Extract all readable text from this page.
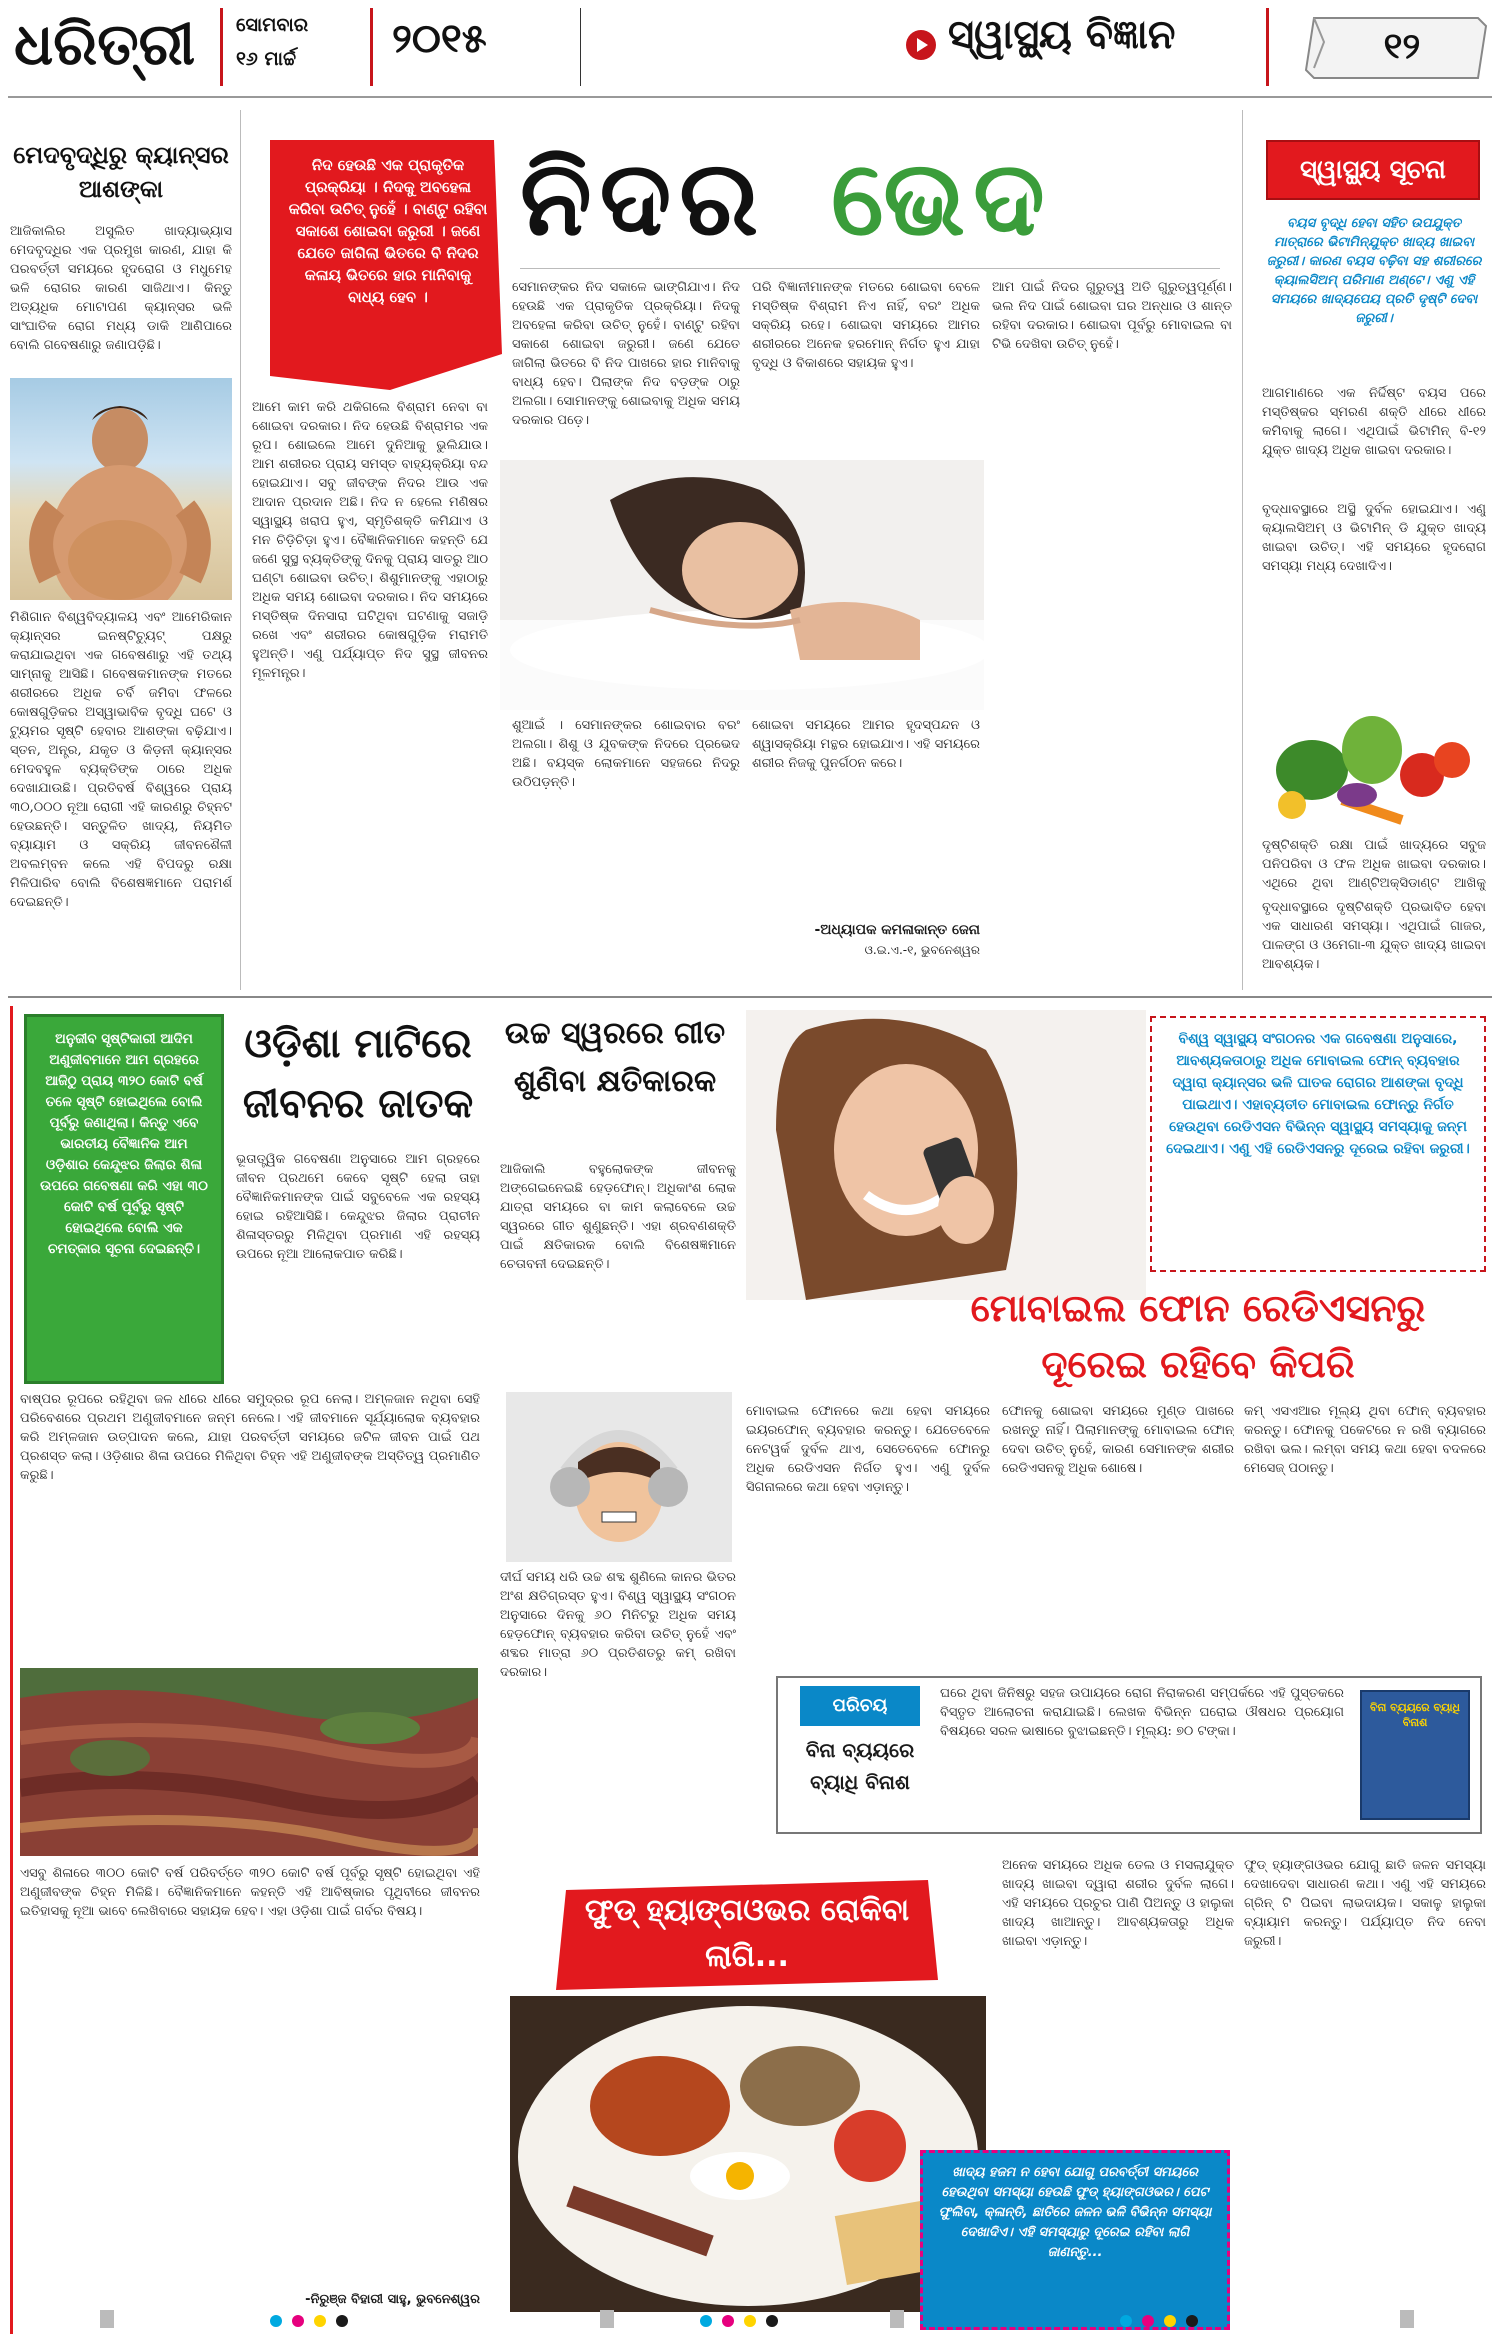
ଧରିତ୍ରୀ	ସୋମବାର
୧୬ ମାର୍ଚ୍ଚ	୨୦୧୫	ସ୍ୱାସ୍ଥ୍ୟ ବିଜ୍ଞାନ	୧୨
ମେଦବୃଦ୍ଧିରୁ କ୍ୟାନ୍ସର ଆଶଙ୍କା
ଆଜିକାଲିର ଅସୁଲିତ ଖାଦ୍ୟାଭ୍ୟାସ ମେଦବୃଦ୍ଧିର ଏକ ପ୍ରମୁଖ କାରଣ, ଯାହା କି ପରବର୍ତ୍ତୀ ସମୟରେ ହୃଦରୋଗ ଓ ମଧୁମେହ ଭଳି ରୋଗର କାରଣ ସାଜିଥାଏ। କିନ୍ତୁ ଅତ୍ୟଧିକ ମୋଟାପଣ କ୍ୟାନ୍ସର ଭଳି ସାଂଘାତିକ ରୋଗ ମଧ୍ୟ ଡାକି ଆଣିପାରେ ବୋଲି ଗବେଷଣାରୁ ଜଣାପଡ଼ିଛି।
ମିଶିଗାନ ବିଶ୍ୱବିଦ୍ୟାଳୟ ଏବଂ ଆମେରିକାନ କ୍ୟାନ୍ସର ଇନଷ୍ଟିଚ୍ୟୁଟ୍ ପକ୍ଷରୁ କରାଯାଇଥିବା ଏକ ଗବେଷଣାରୁ ଏହି ତଥ୍ୟ ସାମ୍ନାକୁ ଆସିଛି। ଗବେଷକମାନଙ୍କ ମତରେ ଶରୀରରେ ଅଧିକ ଚର୍ବି ଜମିବା ଫଳରେ କୋଷଗୁଡ଼ିକର ଅସ୍ୱାଭାବିକ ବୃଦ୍ଧି ଘଟେ ଓ ଟ୍ୟୁମର ସୃଷ୍ଟି ହେବାର ଆଶଙ୍କା ବଢ଼ିଯାଏ। ସ୍ତନ, ଅନ୍ତ୍ର, ଯକୃତ ଓ କିଡ଼ନୀ କ୍ୟାନ୍ସର ମେଦବହୁଳ ବ୍ୟକ୍ତିଙ୍କ ଠାରେ ଅଧିକ ଦେଖାଯାଉଛି। ପ୍ରତିବର୍ଷ ବିଶ୍ୱରେ ପ୍ରାୟ ୩୦,୦୦୦ ନୂଆ ରୋଗୀ ଏହି କାରଣରୁ ଚିହ୍ନଟ ହେଉଛନ୍ତି। ସନ୍ତୁଳିତ ଖାଦ୍ୟ, ନିୟମିତ ବ୍ୟାୟାମ ଓ ସକ୍ରିୟ ଜୀବନଶୈଳୀ ଅବଲମ୍ବନ କଲେ ଏହି ବିପଦରୁ ରକ୍ଷା ମିଳିପାରିବ ବୋଲି ବିଶେଷଜ୍ଞମାନେ ପରାମର୍ଶ ଦେଇଛନ୍ତି।
ନିଦ ହେଉଛି ଏକ ପ୍ରାକୃତିକ ପ୍ରକ୍ରିୟା । ନିଦକୁ ଅବହେଳା କରିବା ଉଚିତ୍ ନୁହେଁ । ବାଣ୍ଟୁ ରହିବା ସକାଶେ ଶୋଇବା ଜରୁରୀ । ଜଣେ ଯେତେ ଜାଗିଲା ଭିତରେ ବି ନିଦର କଳାୟ ଭିତରେ ହାର ମାନିବାକୁ ବାଧ୍ୟ ହେବ ।
ନିଦର ଭେଦ
ସେମାନଙ୍କର ନିଦ ସକାଳେ ଭାଙ୍ଗିଯାଏ। ନିଦ ହେଉଛି ଏକ ପ୍ରାକୃତିକ ପ୍ରକ୍ରିୟା। ନିଦକୁ ଅବହେଳା କରିବା ଉଚିତ୍ ନୁହେଁ। ବାଣ୍ଟୁ ରହିବା ସକାଶେ ଶୋଇବା ଜରୁରୀ। ଜଣେ ଯେତେ ଜାଗିଲା ଭିତରେ ବି ନିଦ ପାଖରେ ହାର ମାନିବାକୁ ବାଧ୍ୟ ହେବ। ପିଲାଙ୍କ ନିଦ ବଡ଼ଙ୍କ ଠାରୁ ଅଲଗା। ସୋମାନଙ୍କୁ ଶୋଇବାକୁ ଅଧିକ ସମୟ ଦରକାର ପଡ଼େ।
ପରି ବିଜ୍ଞାନୀମାନଙ୍କ ମତରେ ଶୋଇବା ବେଳେ ମସ୍ତିଷ୍କ ବିଶ୍ରାମ ନିଏ ନାହିଁ, ବରଂ ଅଧିକ ସକ୍ରିୟ ରହେ। ଶୋଇବା ସମୟରେ ଆମର ଶରୀରରେ ଅନେକ ହରମୋନ୍ ନିର୍ଗତ ହୁଏ ଯାହା ବୃଦ୍ଧି ଓ ବିକାଶରେ ସହାୟକ ହୁଏ।
ଆମ ପାଇଁ ନିଦର ଗୁରୁତ୍ୱ ଅତି ଗୁରୁତ୍ୱପୂର୍ଣ୍ଣ। ଭଲ ନିଦ ପାଇଁ ଶୋଇବା ଘର ଅନ୍ଧାର ଓ ଶାନ୍ତ ରହିବା ଦରକାର। ଶୋଇବା ପୂର୍ବରୁ ମୋବାଇଲ ବା ଟିଭି ଦେଖିବା ଉଚିତ୍ ନୁହେଁ।
ଆମେ କାମ କରି ଥକିଗଲେ ବିଶ୍ରାମ ନେବା ବା ଶୋଇବା ଦରକାର। ନିଦ ହେଉଛି ବିଶ୍ରାମର ଏକ ରୂପ। ଶୋଇଲେ ଆମେ ଦୁନିଆକୁ ଭୁଲିଯାଉ। ଆମ ଶରୀରର ପ୍ରାୟ ସମସ୍ତ ବାହ୍ୟକ୍ରିୟା ବନ୍ଦ ହୋଇଯାଏ। ସବୁ ଜୀବଙ୍କ ନିଦର ଆଉ ଏକ ଆଦାନ ପ୍ରଦାନ ଅଛି। ନିଦ ନ ହେଲେ ମଣିଷର ସ୍ୱାସ୍ଥ୍ୟ ଖରାପ ହୁଏ, ସ୍ମୃତିଶକ୍ତି କମିଯାଏ ଓ ମନ ଚିଡ଼ିଚିଡ଼ା ହୁଏ। ବୈଜ୍ଞାନିକମାନେ କହନ୍ତି ଯେ ଜଣେ ସୁସ୍ଥ ବ୍ୟକ୍ତିଙ୍କୁ ଦିନକୁ ପ୍ରାୟ ସାତରୁ ଆଠ ଘଣ୍ଟା ଶୋଇବା ଉଚିତ୍। ଶିଶୁମାନଙ୍କୁ ଏହାଠାରୁ ଅଧିକ ସମୟ ଶୋଇବା ଦରକାର। ନିଦ ସମୟରେ ମସ୍ତିଷ୍କ ଦିନସାରା ଘଟିଥିବା ଘଟଣାକୁ ସଜାଡ଼ି ରଖେ ଏବଂ ଶରୀରର କୋଷଗୁଡ଼ିକ ମରାମତି ହୁଅନ୍ତି। ଏଣୁ ପର୍ଯ୍ୟାପ୍ତ ନିଦ ସୁସ୍ଥ ଜୀବନର ମୂଳମନ୍ତ୍ର।
ଶୁଆଇଁ । ସେମାନଙ୍କର ଶୋଇବାର ବରଂ ଅଲଗା। ଶିଶୁ ଓ ଯୁବକଙ୍କ ନିଦରେ ପ୍ରଭେଦ ଅଛି। ବୟସ୍କ ଲୋକମାନେ ସହଜରେ ନିଦରୁ ଉଠିପଡ଼ନ୍ତି।
ଶୋଇବା ସମୟରେ ଆମର ହୃଦସ୍ପନ୍ଦନ ଓ ଶ୍ୱାସକ୍ରିୟା ମନ୍ଥର ହୋଇଯାଏ। ଏହି ସମୟରେ ଶରୀର ନିଜକୁ ପୁନର୍ଗଠନ କରେ।
-ଅଧ୍ୟାପକ କମଳାକାନ୍ତ ଜେନା
ଓ.ଇ.ଏ.-୧, ଭୁବନେଶ୍ୱର
ସ୍ୱାସ୍ଥ୍ୟ ସୂଚନା
ବୟସ ବୃଦ୍ଧି ହେବା ସହିତ ଉପଯୁକ୍ତ ମାତ୍ରାରେ ଭିଟାମିନ୍‌ଯୁକ୍ତ ଖାଦ୍ୟ ଖାଇବା ଜରୁରୀ। କାରଣ ବୟସ ବଢ଼ିବା ସହ ଶରୀରରେ କ୍ୟାଲସିଅମ୍ ପରିମାଣ ଅଣ୍ଟେ। ଏଣୁ ଏହି ସମୟରେ ଖାଦ୍ୟପେୟ ପ୍ରତି ଦୃଷ୍ଟି ଦେବା ଜରୁରୀ।
ଆଗମାଣରେ ଏକ ନିର୍ଦ୍ଦିଷ୍ଟ ବୟସ ପରେ ମସ୍ତିଷ୍କର ସ୍ମରଣ ଶକ୍ତି ଧୀରେ ଧୀରେ କମିବାକୁ ଲାଗେ। ଏଥିପାଇଁ ଭିଟାମିନ୍ ବି-୧୨ ଯୁକ୍ତ ଖାଦ୍ୟ ଅଧିକ ଖାଇବା ଦରକାର।
ବୃଦ୍ଧାବସ୍ଥାରେ ଅସ୍ଥି ଦୁର୍ବଳ ହୋଇଯାଏ। ଏଣୁ କ୍ୟାଲସିଅମ୍ ଓ ଭିଟାମିନ୍ ଡି ଯୁକ୍ତ ଖାଦ୍ୟ ଖାଇବା ଉଚିତ୍। ଏହି ସମୟରେ ହୃଦରୋଗ ସମସ୍ୟା ମଧ୍ୟ ଦେଖାଦିଏ।
ଦୃଷ୍ଟିଶକ୍ତି ରକ୍ଷା ପାଇଁ ଖାଦ୍ୟରେ ସବୁଜ ପନିପରିବା ଓ ଫଳ ଅଧିକ ଖାଇବା ଦରକାର। ଏଥିରେ ଥିବା ଆଣ୍ଟିଅକ୍ସିଡାଣ୍ଟ ଆଖିକୁ
ବୃଦ୍ଧାବସ୍ଥାରେ ଦୃଷ୍ଟିଶକ୍ତି ପ୍ରଭାବିତ ହେବା ଏକ ସାଧାରଣ ସମସ୍ୟା। ଏଥିପାଇଁ ଗାଜର, ପାଳଙ୍ଗ ଓ ଓମେଗା-୩ ଯୁକ୍ତ ଖାଦ୍ୟ ଖାଇବା ଆବଶ୍ୟକ।
ଅନୁଜୀବ ସୃଷ୍ଟିକାରୀ ଆଦିମ ଅଣୁଜୀବମାନେ ଆମ ଗ୍ରହରେ ଆଜିଠୁ ପ୍ରାୟ ୩୨୦ କୋଟି ବର୍ଷ ତଳେ ସୃଷ୍ଟି ହୋଇଥିଲେ ବୋଲି ପୂର୍ବରୁ ଜଣାଥିଲା। କିନ୍ତୁ ଏବେ ଭାରତୀୟ ବୈଜ୍ଞାନିକ ଆମ ଓଡ଼ିଶାର କେନ୍ଦୁଝର ଜିଲାର ଶିଳା ଉପରେ ଗବେଷଣା କରି ଏହା ୩୦ କୋଟି ବର୍ଷ ପୂର୍ବରୁ ସୃଷ୍ଟି ହୋଇଥିଲେ ବୋଲି ଏକ ଚମତ୍କାର ସୂଚନା ଦେଇଛନ୍ତି।
ଓଡ଼ିଶା ମାଟିରେ ଜୀବନର ଜାତକ
ଭୂତାତ୍ତ୍ୱିକ ଗବେଷଣା ଅନୁସାରେ ଆମ ଗ୍ରହରେ ଜୀବନ ପ୍ରଥମେ କେବେ ସୃଷ୍ଟି ହେଲା ତାହା ବୈଜ୍ଞାନିକମାନଙ୍କ ପାଇଁ ସବୁବେଳେ ଏକ ରହସ୍ୟ ହୋଇ ରହିଆସିଛି। କେନ୍ଦୁଝର ଜିଲାର ପ୍ରାଚୀନ ଶିଳାସ୍ତରରୁ ମିଳିଥିବା ପ୍ରମାଣ ଏହି ରହସ୍ୟ ଉପରେ ନୂଆ ଆଲୋକପାତ କରିଛି।
ବାଷ୍ପର ରୂପରେ ରହିଥିବା ଜଳ ଧୀରେ ଧୀରେ ସମୁଦ୍ରର ରୂପ ନେଲା। ଅମ୍ଳଜାନ ନଥିବା ସେହି ପରିବେଶରେ ପ୍ରଥମ ଅଣୁଜୀବମାନେ ଜନ୍ମ ନେଲେ। ଏହି ଜୀବମାନେ ସୂର୍ଯ୍ୟାଲୋକ ବ୍ୟବହାର କରି ଅମ୍ଳଜାନ ଉତ୍ପାଦନ କଲେ, ଯାହା ପରବର୍ତ୍ତୀ ସମୟରେ ଜଟିଳ ଜୀବନ ପାଇଁ ପଥ ପ୍ରଶସ୍ତ କଲା। ଓଡ଼ିଶାର ଶିଳା ଉପରେ ମିଳିଥିବା ଚିହ୍ନ ଏହି ଅଣୁଜୀବଙ୍କ ଅସ୍ତିତ୍ୱ ପ୍ରମାଣିତ କରୁଛି।
ଏସବୁ ଶିଳାରେ ୩୦୦ କୋଟି ବର୍ଷ ପରିବର୍ତ୍ତେ ୩୨୦ କୋଟି ବର୍ଷ ପୂର୍ବରୁ ସୃଷ୍ଟି ହୋଇଥିବା ଏହି ଅଣୁଜୀବଙ୍କ ଚିହ୍ନ ମିଳିଛି। ବୈଜ୍ଞାନିକମାନେ କହନ୍ତି ଏହି ଆବିଷ୍କାର ପୃଥିବୀରେ ଜୀବନର ଇତିହାସକୁ ନୂଆ ଭାବେ ଲେଖିବାରେ ସହାୟକ ହେବ। ଏହା ଓଡ଼ିଶା ପାଇଁ ଗର୍ବର ବିଷୟ।
-ନିରୁଞ୍ଜ ବିହାରୀ ସାହୁ, ଭୁବନେଶ୍ୱର
ଉଚ୍ଚ ସ୍ୱରରେ ଗୀତ ଶୁଣିବା କ୍ଷତିକାରକ
ଆଜିକାଲି ବହୁଲୋକଙ୍କ ଜୀବନକୁ ଅଙ୍ଗେଇନେଇଛି ହେଡ଼ଫୋନ୍। ଅଧିକାଂଶ ଲୋକ ଯାତ୍ରା ସମୟରେ ବା କାମ କଲାବେଳେ ଉଚ୍ଚ ସ୍ୱରରେ ଗୀତ ଶୁଣୁଛନ୍ତି। ଏହା ଶ୍ରବଣଶକ୍ତି ପାଇଁ କ୍ଷତିକାରକ ବୋଲି ବିଶେଷଜ୍ଞମାନେ ଚେତାବନୀ ଦେଇଛନ୍ତି।
ଦୀର୍ଘ ସମୟ ଧରି ଉଚ୍ଚ ଶବ୍ଦ ଶୁଣିଲେ କାନର ଭିତର ଅଂଶ କ୍ଷତିଗ୍ରସ୍ତ ହୁଏ। ବିଶ୍ୱ ସ୍ୱାସ୍ଥ୍ୟ ସଂଗଠନ ଅନୁସାରେ ଦିନକୁ ୬୦ ମିନିଟରୁ ଅଧିକ ସମୟ ହେଡ଼ଫୋନ୍ ବ୍ୟବହାର କରିବା ଉଚିତ୍ ନୁହେଁ ଏବଂ ଶବ୍ଦର ମାତ୍ରା ୬୦ ପ୍ରତିଶତରୁ କମ୍ ରଖିବା ଦରକାର।
ବିଶ୍ୱ ସ୍ୱାସ୍ଥ୍ୟ ସଂଗଠନର ଏକ ଗବେଷଣା ଅନୁସାରେ, ଆବଶ୍ୟକତାଠାରୁ ଅଧିକ ମୋବାଇଲ ଫୋନ୍ ବ୍ୟବହାର ଦ୍ୱାରା କ୍ୟାନ୍ସର ଭଳି ଘାତକ ରୋଗର ଆଶଙ୍କା ବୃଦ୍ଧି ପାଇଥାଏ। ଏହାବ୍ୟତୀତ ମୋବାଇଲ ଫୋନ୍‌ରୁ ନିର୍ଗତ ହେଉଥିବା ରେଡିଏସନ ବିଭିନ୍ନ ସ୍ୱାସ୍ଥ୍ୟ ସମସ୍ୟାକୁ ଜନ୍ମ ଦେଇଥାଏ। ଏଣୁ ଏହି ରେଡିଏସନରୁ ଦୂରେଇ ରହିବା ଜରୁରୀ।
ମୋବାଇଲ ଫୋନ ରେଡିଏସନରୁ ଦୂରେଇ ରହିବେ କିପରି
ମୋବାଇଲ ଫୋନରେ କଥା ହେବା ସମୟରେ ଇୟରଫୋନ୍ ବ୍ୟବହାର କରନ୍ତୁ। ଯେତେବେଳେ ନେଟୱର୍କ ଦୁର୍ବଳ ଥାଏ, ସେତେବେଳେ ଫୋନରୁ ଅଧିକ ରେଡିଏସନ ନିର୍ଗତ ହୁଏ। ଏଣୁ ଦୁର୍ବଳ ସିଗନାଲରେ କଥା ହେବା ଏଡ଼ାନ୍ତୁ।
ଫୋନକୁ ଶୋଇବା ସମୟରେ ମୁଣ୍ଡ ପାଖରେ ରଖନ୍ତୁ ନାହିଁ। ପିଲାମାନଙ୍କୁ ମୋବାଇଲ ଫୋନ୍ ଦେବା ଉଚିତ୍ ନୁହେଁ, କାରଣ ସେମାନଙ୍କ ଶରୀର ରେଡିଏସନକୁ ଅଧିକ ଶୋଷେ।
କମ୍ ଏସଏଆର ମୂଲ୍ୟ ଥିବା ଫୋନ୍ ବ୍ୟବହାର କରନ୍ତୁ। ଫୋନକୁ ପକେଟରେ ନ ରଖି ବ୍ୟାଗରେ ରଖିବା ଭଲ। ଲମ୍ବା ସମୟ କଥା ହେବା ବଦଳରେ ମେସେଜ୍ ପଠାନ୍ତୁ।
ପରିଚୟ
ବିନା ବ୍ୟୟରେ ବ୍ୟାଧି ବିନାଶ
ଘରେ ଥିବା ଜିନିଷରୁ ସହଜ ଉପାୟରେ ରୋଗ ନିରାକରଣ ସମ୍ପର୍କରେ ଏହି ପୁସ୍ତକରେ ବିସ୍ତୃତ ଆଲୋଚନା କରାଯାଇଛି। ଲେଖକ ବିଭିନ୍ନ ଘରୋଇ ଔଷଧର ପ୍ରୟୋଗ ବିଷୟରେ ସରଳ ଭାଷାରେ ବୁଝାଇଛନ୍ତି। ମୂଲ୍ୟ: ୭୦ ଟଙ୍କା।
ବିନା ବ୍ୟୟରେ ବ୍ୟାଧି ବିନାଶ
ଫୁଡ୍ ହ୍ୟାଙ୍ଗଓଭର ରୋକିବା ଲାଗି...
ଖାଦ୍ୟ ହଜମ ନ ହେବା ଯୋଗୁ ପରବର୍ତ୍ତୀ ସମୟରେ ହେଉଥିବା ସମସ୍ୟା ହେଉଛି ଫୁଡ୍ ହ୍ୟାଙ୍ଗଓଭର। ପେଟ ଫୁଲିବା, କ୍ଳାନ୍ତି, ଛାତିରେ ଜଳନ ଭଳି ବିଭିନ୍ନ ସମସ୍ୟା ଦେଖାଦିଏ। ଏହି ସମସ୍ୟାରୁ ଦୂରେଇ ରହିବା ଲାଗି ଜାଣନ୍ତୁ...
ଅନେକ ସମୟରେ ଅଧିକ ତେଲ ଓ ମସଲାଯୁକ୍ତ ଖାଦ୍ୟ ଖାଇବା ଦ୍ୱାରା ଶରୀର ଦୁର୍ବଳ ଲାଗେ। ଏହି ସମୟରେ ପ୍ରଚୁର ପାଣି ପିଅନ୍ତୁ ଓ ହାଲୁକା ଖାଦ୍ୟ ଖାଆନ୍ତୁ। ଆବଶ୍ୟକତାରୁ ଅଧିକ ଖାଇବା ଏଡ଼ାନ୍ତୁ।
ଫୁଡ୍ ହ୍ୟାଙ୍ଗଓଭର ଯୋଗୁ ଛାତି ଜଳନ ସମସ୍ୟା ଦେଖାଦେବା ସାଧାରଣ କଥା। ଏଣୁ ଏହି ସମୟରେ ଗ୍ରିନ୍ ଟି ପିଇବା ଲାଭଦାୟକ। ସକାଳୁ ହାଲୁକା ବ୍ୟାୟାମ କରନ୍ତୁ। ପର୍ଯ୍ୟାପ୍ତ ନିଦ ନେବା ଜରୁରୀ।
